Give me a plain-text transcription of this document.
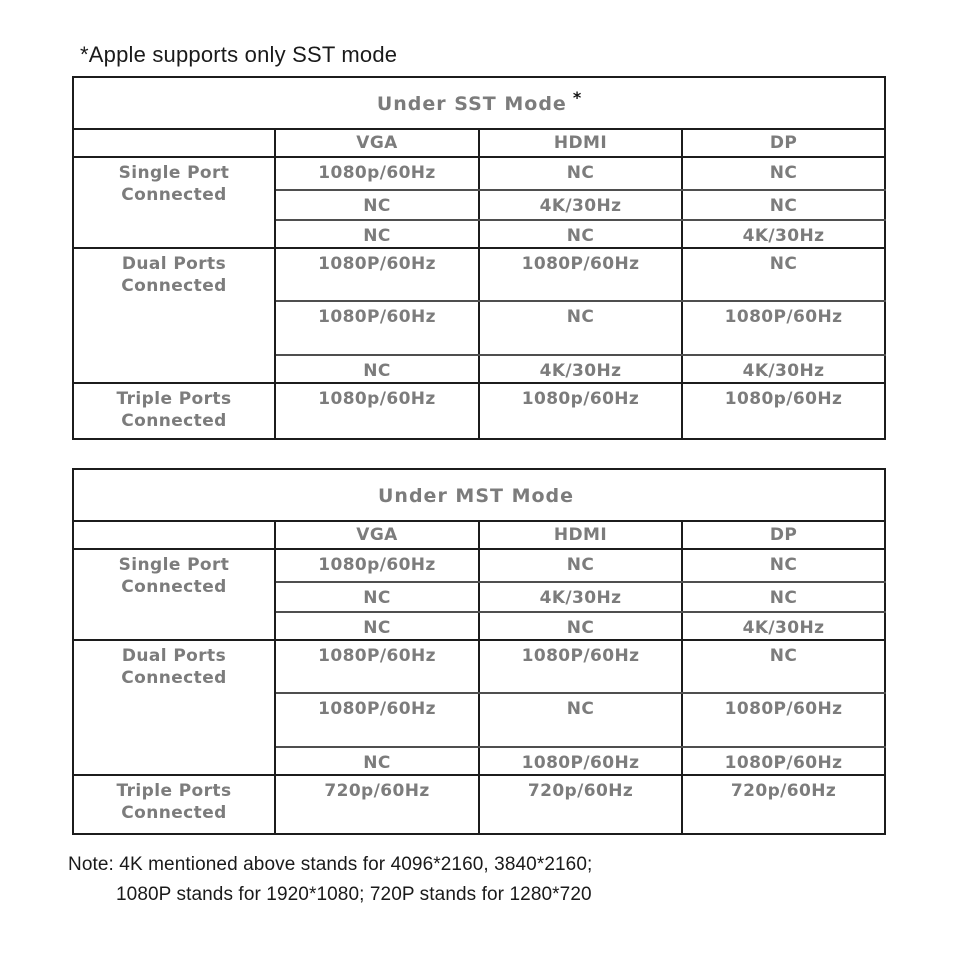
*Apple supports only SST mode

Under SST Mode *
	VGA	HDMI	DP
Single Port Connected	1080p/60Hz	NC	NC
	NC	4K/30Hz	NC
	NC	NC	4K/30Hz
Dual Ports Connected	1080P/60Hz	1080P/60Hz	NC
	1080P/60Hz	NC	1080P/60Hz
	NC	4K/30Hz	4K/30Hz
Triple Ports Connected	1080p/60Hz	1080p/60Hz	1080p/60Hz
Under MST Mode			
	VGA	HDMI	DP
Single Port Connected	1080p/60Hz	NC	NC
	NC	4K/30Hz	NC
	NC	NC	4K/30Hz
Dual Ports Connected	1080P/60Hz	1080P/60Hz	NC
	1080P/60Hz	NC	1080P/60Hz
	NC	1080P/60Hz	1080P/60Hz
Triple Ports Connected	720p/60Hz	720p/60Hz	720p/60Hz

Note: 4K mentioned above stands for 4096*2160, 3840*2160;

1080P stands for 1920*1080; 720P stands for 1280*720
